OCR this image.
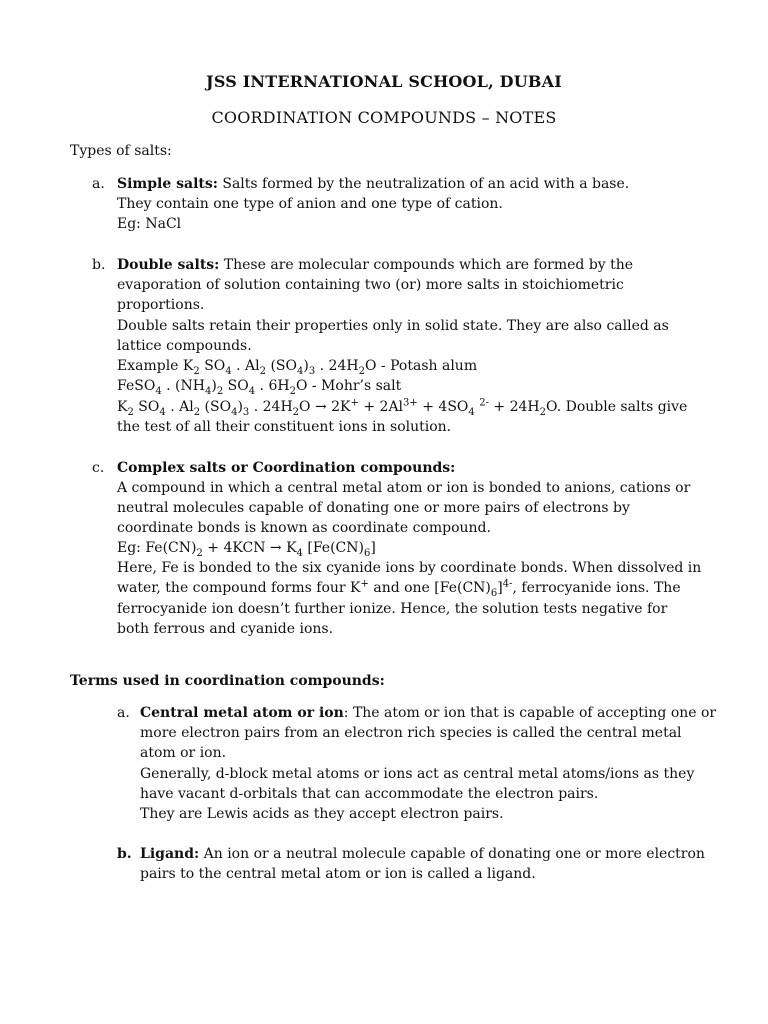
JSS INTERNATIONAL SCHOOL, DUBAI
COORDINATION COMPOUNDS – NOTES
Types of salts:
a. Simple salts: Salts formed by the neutralization of an acid with a base.
They contain one type of anion and one type of cation.
Eg: NaCl
b. Double salts: These are molecular compounds which are formed by the
evaporation of solution containing two (or) more salts in stoichiometric
proportions.
Double salts retain their properties only in solid state. They are also called as
lattice compounds.
Example $K_2$ $SO_4$ . $Al_2$ $(SO_4)_3$ . $24H_2O$ - Potash alum
FeSO$_4$ . $(NH_4)_2$ $SO_4$ . $6H_2O$ - Mohr’s salt
$K_2$ $SO_4$ . $Al_2$ $(SO_4)_3$ . $24H_2O \to 2K^+ + 2Al^{3+} + 4SO_4$ $^{2-} + 24H_2O$. Double salts give
the test of all their constituent ions in solution.
c. Complex salts or Coordination compounds:
A compound in which a central metal atom or ion is bonded to anions, cations or
neutral molecules capable of donating one or more pairs of electrons by
coordinate bonds is known as coordinate compound.
Eg: $Fe(CN)_2 + 4KCN \to K_4$ $[Fe(CN)_6]$
Here, Fe is bonded to the six cyanide ions by coordinate bonds. When dissolved in
water, the compound forms four K+ and one $[Fe(CN)_6]^{4-}$, ferrocyanide ions. The
ferrocyanide ion doesn’t further ionize. Hence, the solution tests negative for
both ferrous and cyanide ions.
Terms used in coordination compounds:
a. Central metal atom or ion: The atom or ion that is capable of accepting one or
more electron pairs from an electron rich species is called the central metal
atom or ion.
Generally, d-block metal atoms or ions act as central metal atoms/ions as they
have vacant d-orbitals that can accommodate the electron pairs.
They are Lewis acids as they accept electron pairs.
b. Ligand: An ion or a neutral molecule capable of donating one or more electron
pairs to the central metal atom or ion is called a ligand.
